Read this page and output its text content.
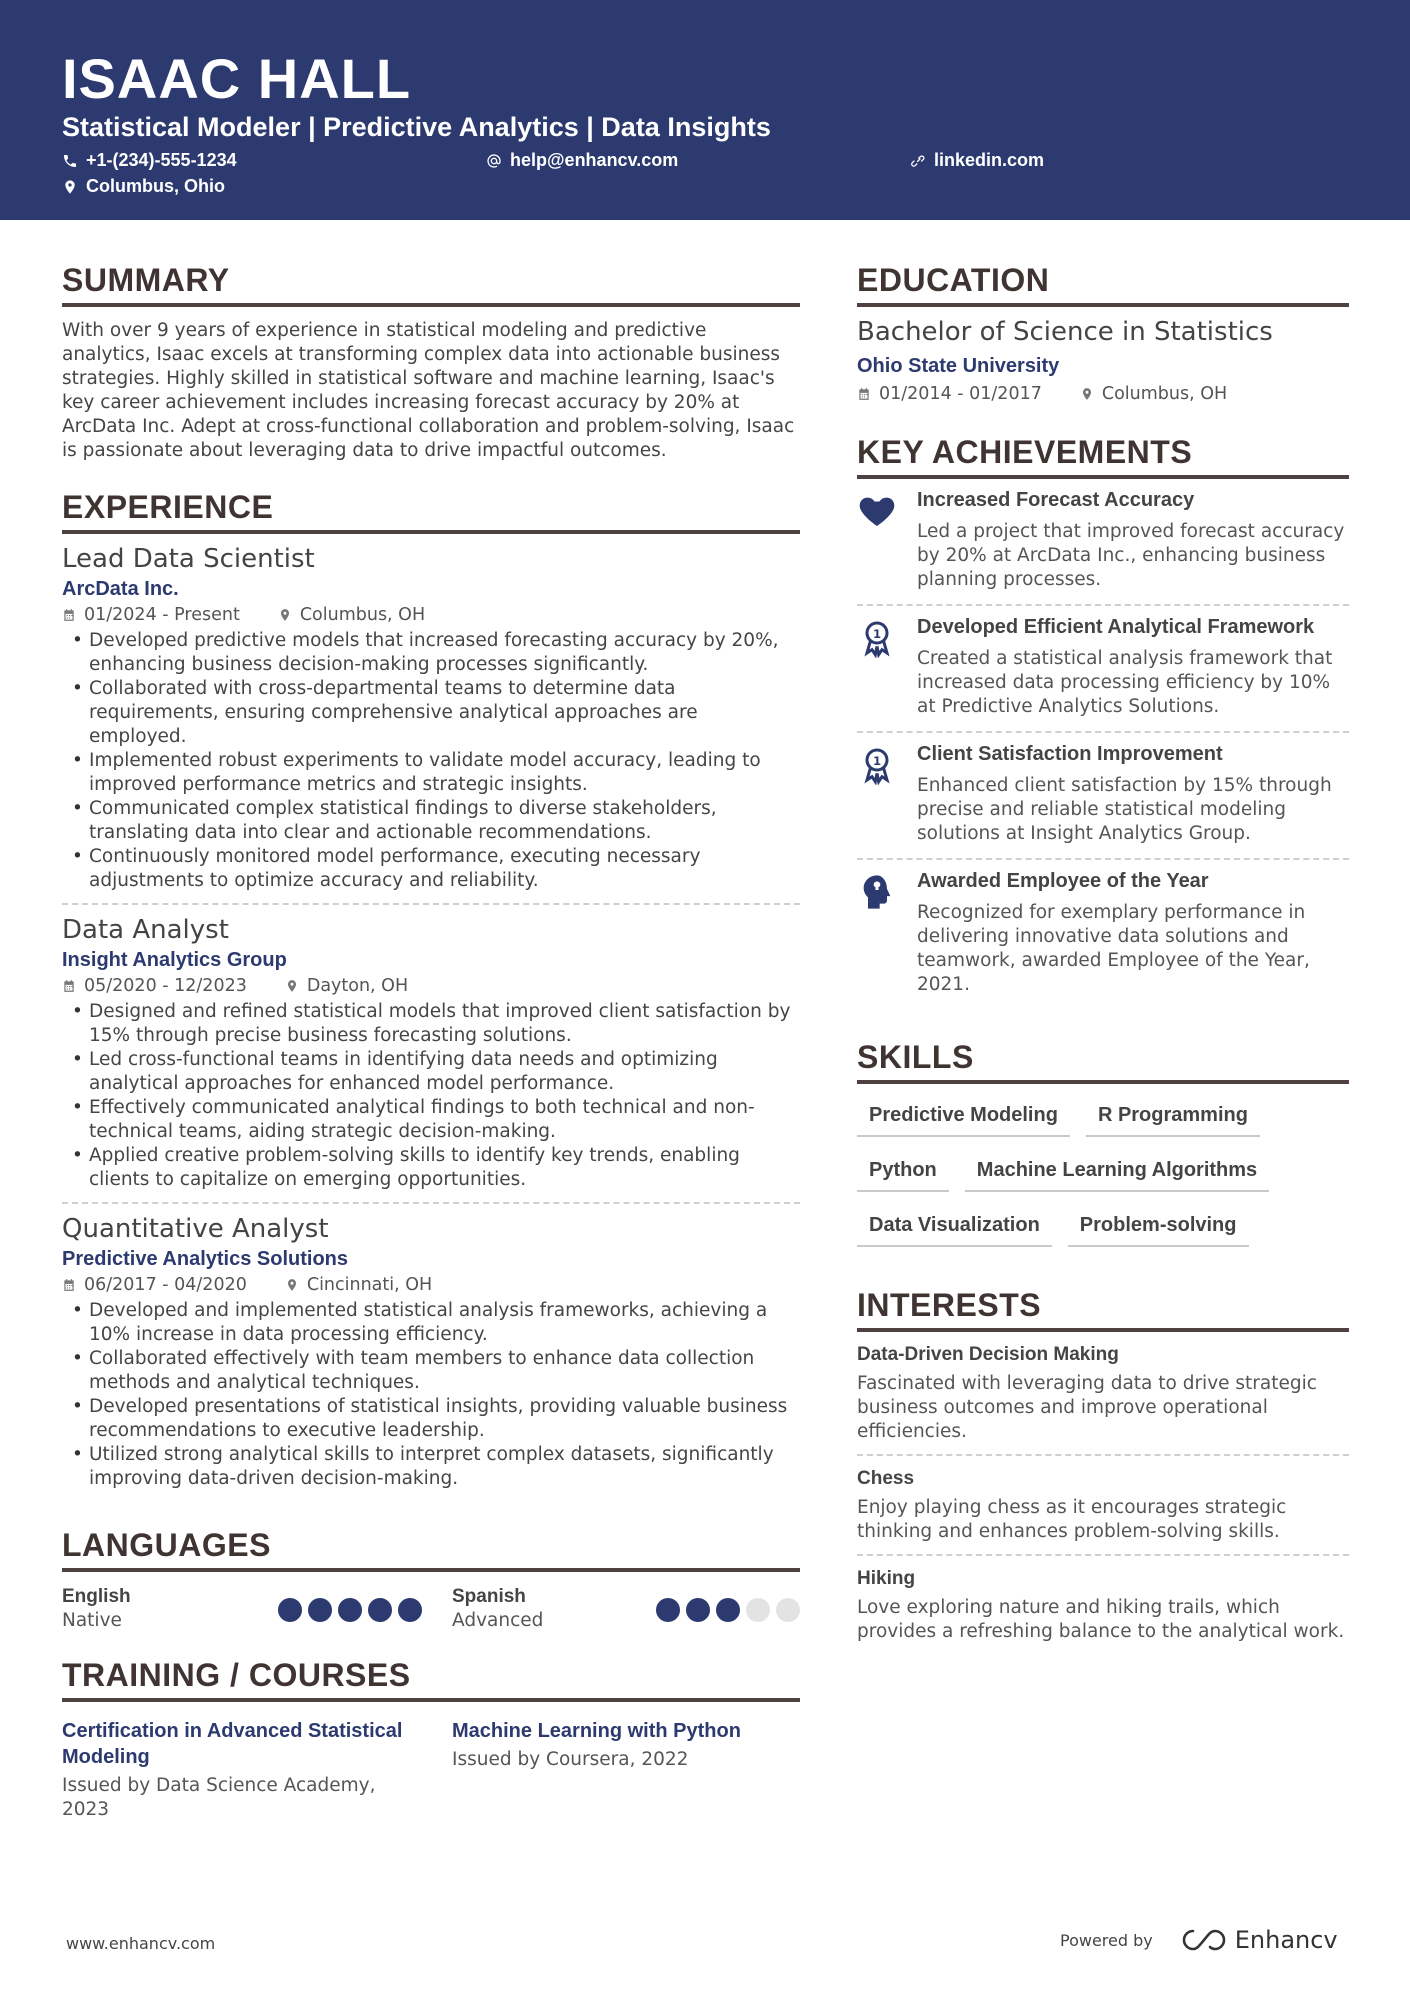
ISAAC HALL
Statistical Modeler | Predictive Analytics | Data Insights
+1-(234)-555-1234	help@enhancv.com	linkedin.com
Columbus, Ohio
SUMMARY

With over 9 years of experience in statistical modeling and predictive analytics, Isaac excels at transforming complex data into actionable business strategies. Highly skilled in statistical software and machine learning, Isaac's key career achievement includes increasing forecast accuracy by 20% at ArcData Inc. Adept at cross-functional collaboration and problem-solving, Isaac is passionate about leveraging data to drive impactful outcomes.

EXPERIENCE
Lead Data Scientist
ArcData Inc.
01/2024 - Present	Columbus, OH
• Developed predictive models that increased forecasting accuracy by 20%, enhancing business decision-making processes significantly.
• Collaborated with cross-departmental teams to determine data requirements, ensuring comprehensive analytical approaches are employed.
• Implemented robust experiments to validate model accuracy, leading to improved performance metrics and strategic insights.
• Communicated complex statistical findings to diverse stakeholders, translating data into clear and actionable recommendations.
• Continuously monitored model performance, executing necessary adjustments to optimize accuracy and reliability.
Data Analyst
Insight Analytics Group
05/2020 - 12/2023	Dayton, OH
• Designed and refined statistical models that improved client satisfaction by 15% through precise business forecasting solutions.
• Led cross-functional teams in identifying data needs and optimizing analytical approaches for enhanced model performance.
• Effectively communicated analytical findings to both technical and non-technical teams, aiding strategic decision-making.
• Applied creative problem-solving skills to identify key trends, enabling clients to capitalize on emerging opportunities.
Quantitative Analyst
Predictive Analytics Solutions
06/2017 - 04/2020	Cincinnati, OH
• Developed and implemented statistical analysis frameworks, achieving a 10% increase in data processing efficiency.
• Collaborated effectively with team members to enhance data collection methods and analytical techniques.
• Developed presentations of statistical insights, providing valuable business recommendations to executive leadership.
• Utilized strong analytical skills to interpret complex datasets, significantly improving data-driven decision-making.
LANGUAGES
English
Native
Spanish
Advanced
TRAINING / COURSES
Certification in Advanced Statistical Modeling
Issued by Data Science Academy, 2023
Machine Learning with Python
Issued by Coursera, 2022
EDUCATION
Bachelor of Science in Statistics
Ohio State University
01/2014 - 01/2017	Columbus, OH
KEY ACHIEVEMENTS
Increased Forecast Accuracy
Led a project that improved forecast accuracy by 20% at ArcData Inc., enhancing business planning processes.
1 Developed Efficient Analytical Framework
Created a statistical analysis framework that increased data processing efficiency by 10% at Predictive Analytics Solutions.
1 Client Satisfaction Improvement
Enhanced client satisfaction by 15% through precise and reliable statistical modeling solutions at Insight Analytics Group.
Awarded Employee of the Year
Recognized for exemplary performance in delivering innovative data solutions and teamwork, awarded Employee of the Year, 2021.
SKILLS
Predictive Modeling	R Programming
Python	Machine Learning Algorithms
Data Visualization	Problem-solving
INTERESTS
Data-Driven Decision Making
Fascinated with leveraging data to drive strategic business outcomes and improve operational efficiencies.
Chess
Enjoy playing chess as it encourages strategic thinking and enhances problem-solving skills.
Hiking
Love exploring nature and hiking trails, which provides a refreshing balance to the analytical work.
www.enhancv.com	Powered by	Enhancv
